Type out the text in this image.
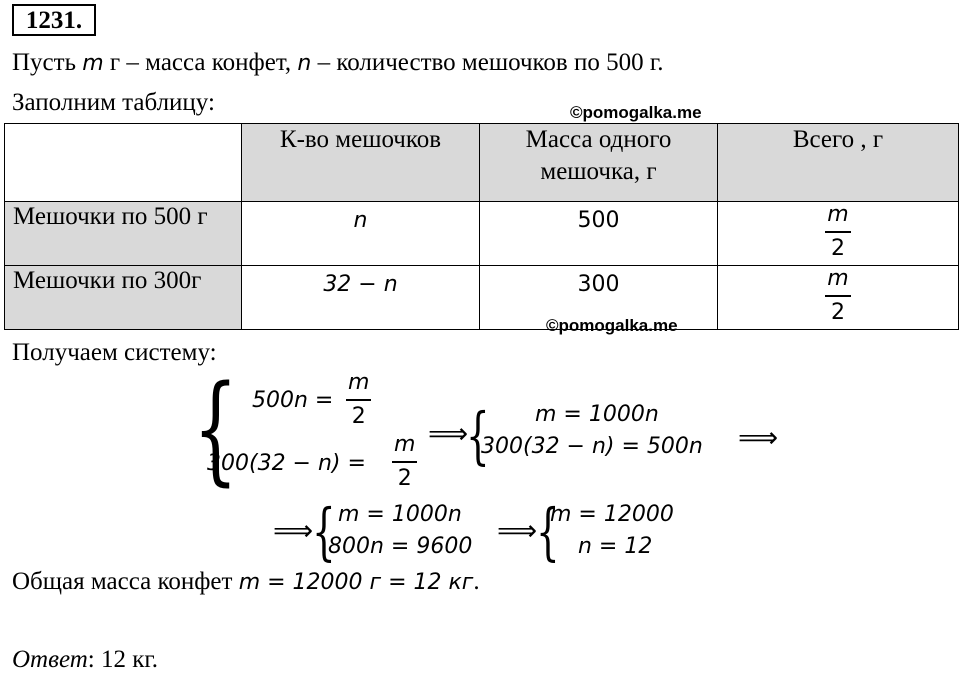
1231.
Пусть m г – масса конфет, n – количество мешочков по 500 г.
Заполним таблицу:	©pomogalka.me
	К-во мешочков	Масса одного мешочка, г	Всего , г
Мешочки по 500 г	n	500	$\frac{m}{2}$

Мешочки по 300г	32 − n	300	$\frac{m}{2}$
©pomogalka.me
Получаем систему:
{ $500n = \frac{m}{2}$
$300(32 - n) = \frac{m}{2}$ ⟹
{ m = 1000n
300(32 − n) = 500n ⟹
⟹
{ m = 1000n
800n = 9600 ⟹
{
m = 12000
n = 12
Общая масса конфет m = 12000 г = 12 кг.
Ответ: 12 кг.
